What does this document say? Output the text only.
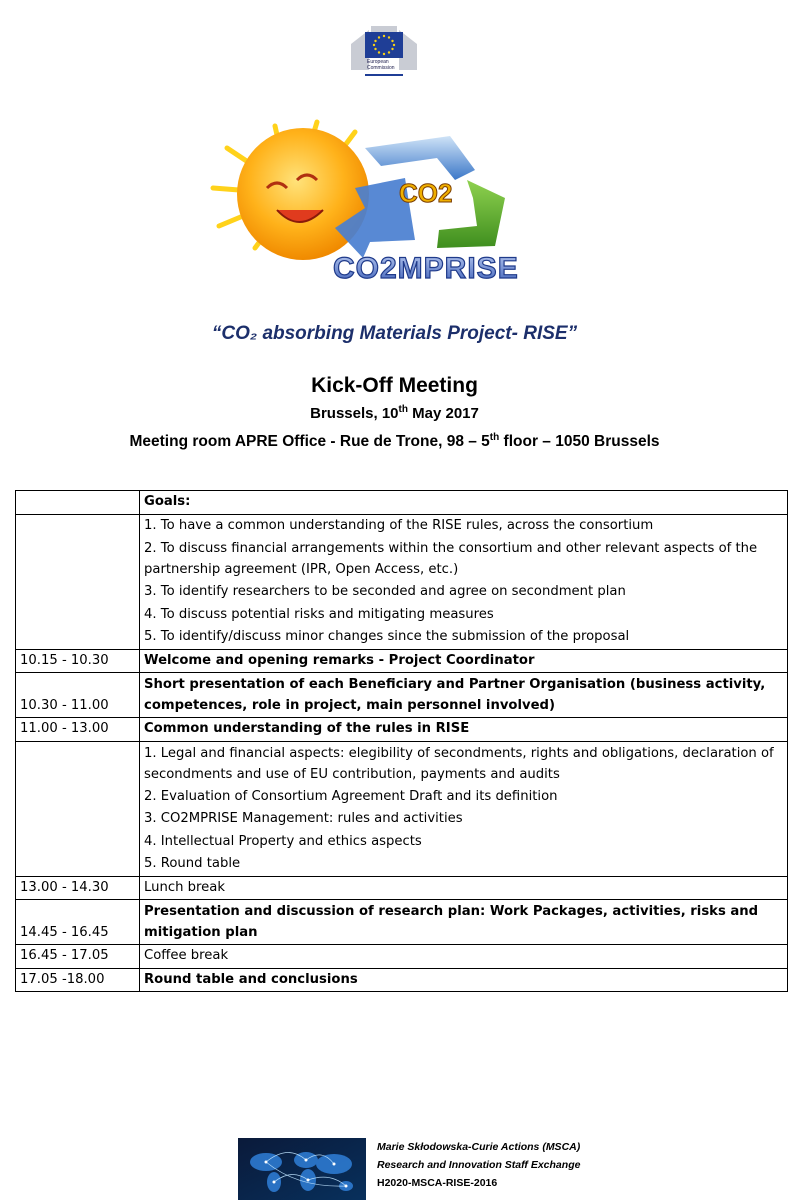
European
Commission
CO2
CO2MPRISE
“CO₂ absorbing Materials Project- RISE”
Kick-Off Meeting
Brussels, 10th May 2017
Meeting room APRE Office - Rue de Trone, 98 – 5th floor – 1050 Brussels
	Goals:

	1. To have a common understanding of the RISE rules, across the consortium
2. To discuss financial arrangements within the consortium and other relevant aspects of the partnership agreement (IPR, Open Access, etc.)
3. To identify researchers to be seconded and agree on secondment plan
4. To discuss potential risks and mitigating measures
5. To identify/discuss minor changes since the submission of the proposal

10.15 - 10.30	Welcome and opening remarks - Project Coordinator
10.30 - 11.00	Short presentation of each Beneficiary and Partner Organisation (business activity, competences, role in project, main personnel involved)

11.00 - 13.00	Common understanding of the rules in RISE

	1. Legal and financial aspects: elegibility of secondments, rights and obligations, declaration of secondments and use of EU contribution, payments and audits
2. Evaluation of Consortium Agreement Draft and its definition
3. CO2MPRISE Management: rules and activities
4. Intellectual Property and ethics aspects
5. Round table

13.00 - 14.30	Lunch break
14.45 - 16.45	Presentation and discussion of research plan: Work Packages, activities, risks and mitigation plan

16.45 - 17.05	Coffee break
17.05 -18.00	Round table and conclusions
Marie Skłodowska-Curie Actions (MSCA)
Research and Innovation Staff Exchange
H2020-MSCA-RISE-2016
